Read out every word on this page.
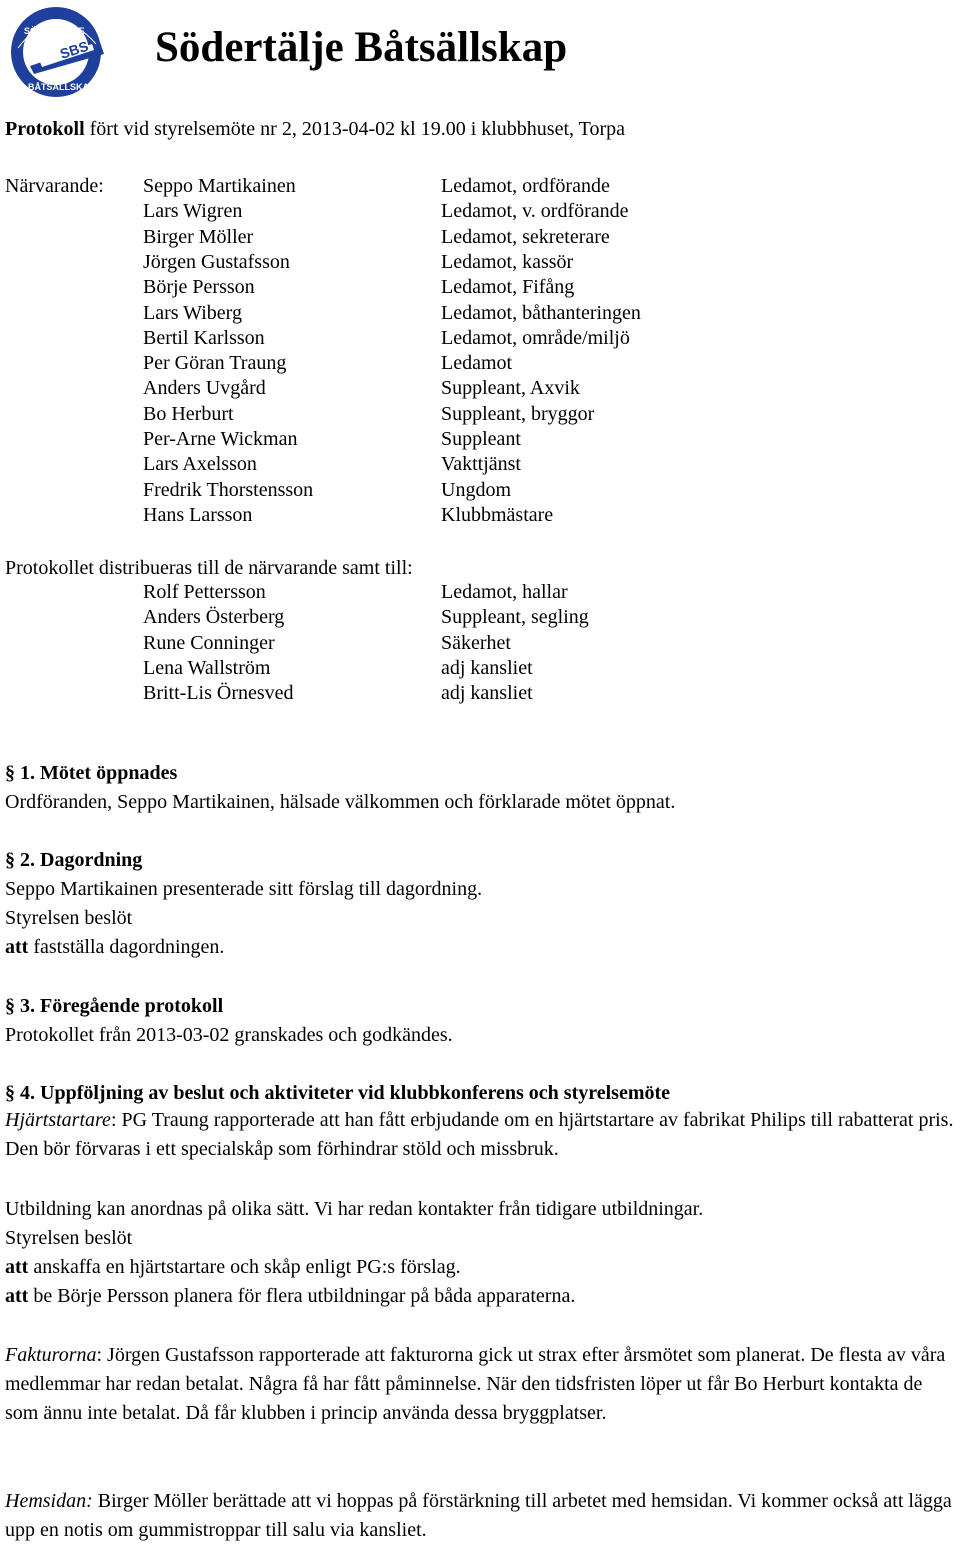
SBS
SÖDERTÄLJE
BÅTSÄLLSKAP
Södertälje Båtsällskap
Protokoll fört vid styrelsemöte nr 2, 2013-04-02 kl 19.00 i klubbhuset, Torpa
Närvarande: Seppo Martikainen	Ledamot, ordförande
Lars Wigren	Ledamot, v. ordförande
Birger Möller	Ledamot, sekreterare
Jörgen Gustafsson	Ledamot, kassör
Börje Persson	Ledamot, Fifång
Lars Wiberg	Ledamot, båthanteringen
Bertil Karlsson	Ledamot, område/miljö
Per Göran Traung	Ledamot
Anders Uvgård	Suppleant, Axvik
Bo Herburt	Suppleant, bryggor
Per-Arne Wickman	Suppleant
Lars Axelsson	Vakttjänst
Fredrik Thorstensson	Ungdom
Hans Larsson	Klubbmästare
Protokollet distribueras till de närvarande samt till:
Rolf Pettersson	Ledamot, hallar
Anders Österberg	Suppleant, segling
Rune Conninger	Säkerhet
Lena Wallström	adj kansliet
Britt-Lis Örnesved	adj kansliet
§ 1. Mötet öppnades
Ordföranden, Seppo Martikainen, hälsade välkommen och förklarade mötet öppnat.
§ 2. Dagordning
Seppo Martikainen presenterade sitt förslag till dagordning.
Styrelsen beslöt
att fastställa dagordningen.
§ 3. Föregående protokoll
Protokollet från 2013-03-02 granskades och godkändes.
§ 4. Uppföljning av beslut och aktiviteter vid klubbkonferens och styrelsemöte
Hjärtstartare: PG Traung rapporterade att han fått erbjudande om en hjärtstartare av fabrikat Philips till rabatterat pris. Den bör förvaras i ett specialskåp som förhindrar stöld och missbruk.
Utbildning kan anordnas på olika sätt. Vi har redan kontakter från tidigare utbildningar.
Styrelsen beslöt
att anskaffa en hjärtstartare och skåp enligt PG:s förslag.
att be Börje Persson planera för flera utbildningar på båda apparaterna.
Fakturorna: Jörgen Gustafsson rapporterade att fakturorna gick ut strax efter årsmötet som planerat. De flesta av våra medlemmar har redan betalat. Några få har fått påminnelse. När den tidsfristen löper ut får Bo Herburt kontakta de som ännu inte betalat. Då får klubben i princip använda dessa bryggplatser.
Hemsidan: Birger Möller berättade att vi hoppas på förstärkning till arbetet med hemsidan. Vi kommer också att lägga upp en notis om gummistroppar till salu via kansliet.
